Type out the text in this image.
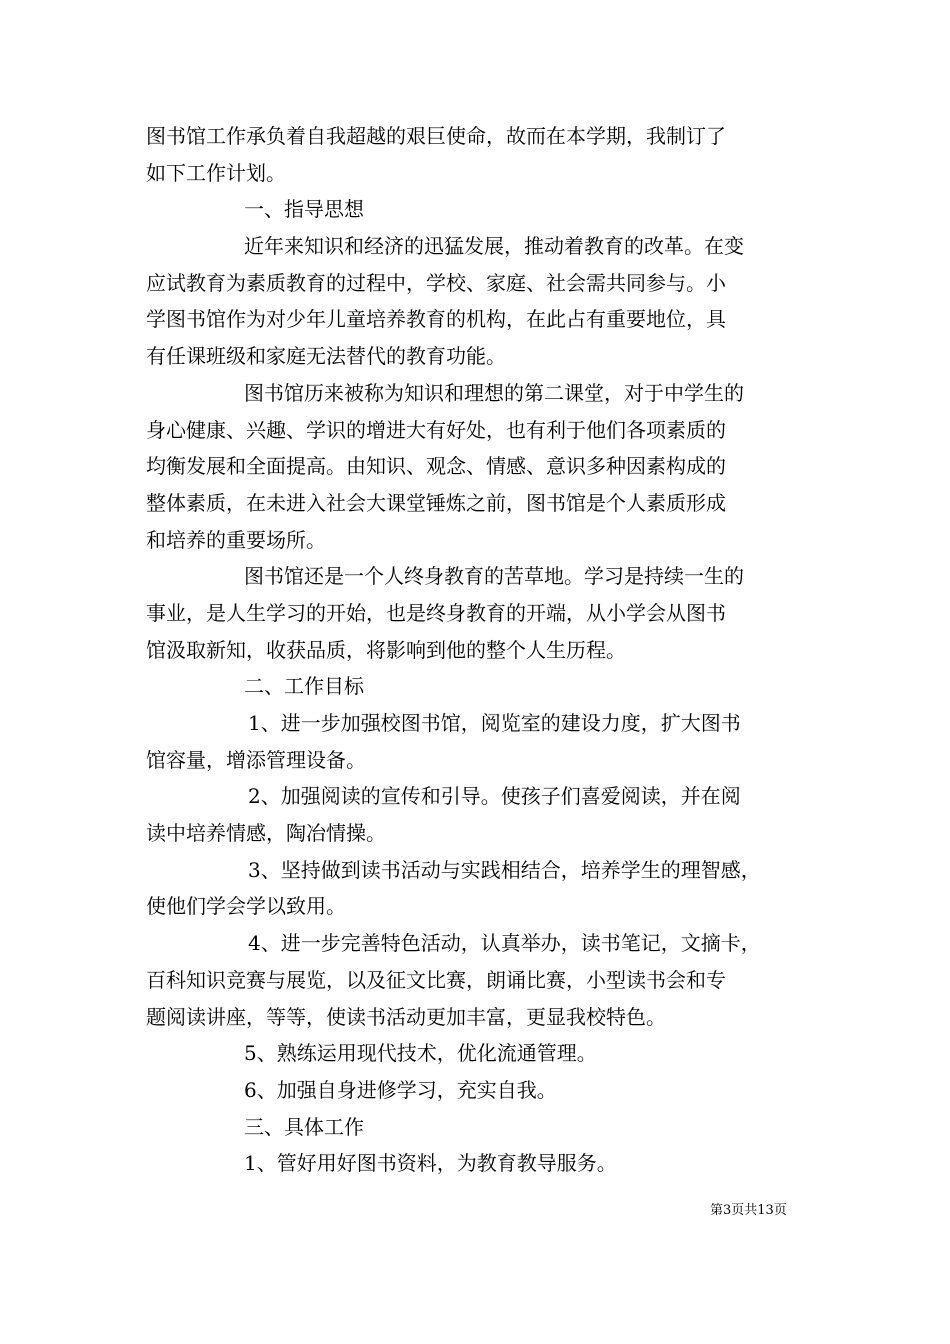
图书馆工作承负着自我超越的艰巨使命，故而在本学期，我制订了
如下工作计划。
一、指导思想
近年来知识和经济的迅猛发展，推动着教育的改革。在变
应试教育为素质教育的过程中，学校、家庭、社会需共同参与。小
学图书馆作为对少年儿童培养教育的机构，在此占有重要地位，具
有任课班级和家庭无法替代的教育功能。
图书馆历来被称为知识和理想的第二课堂，对于中学生的
身心健康、兴趣、学识的增进大有好处，也有利于他们各项素质的
均衡发展和全面提高。由知识、观念、情感、意识多种因素构成的
整体素质，在未进入社会大课堂锤炼之前，图书馆是个人素质形成
和培养的重要场所。
图书馆还是一个人终身教育的苦草地。学习是持续一生的
事业，是人生学习的开始，也是终身教育的开端，从小学会从图书
馆汲取新知，收获品质，将影响到他的整个人生历程。
二、工作目标
1、进一步加强校图书馆，阅览室的建设力度，扩大图书
馆容量，增添管理设备。
2、加强阅读的宣传和引导。使孩子们喜爱阅读，并在阅
读中培养情感，陶冶情操。
3、坚持做到读书活动与实践相结合，培养学生的理智感，
使他们学会学以致用。
4、进一步完善特色活动，认真举办，读书笔记，文摘卡，
百科知识竞赛与展览，以及征文比赛，朗诵比赛，小型读书会和专
题阅读讲座，等等，使读书活动更加丰富，更显我校特色。
5、熟练运用现代技术，优化流通管理。
6、加强自身进修学习，充实自我。
三、具体工作
1、管好用好图书资料，为教育教导服务。
第3页共13页
